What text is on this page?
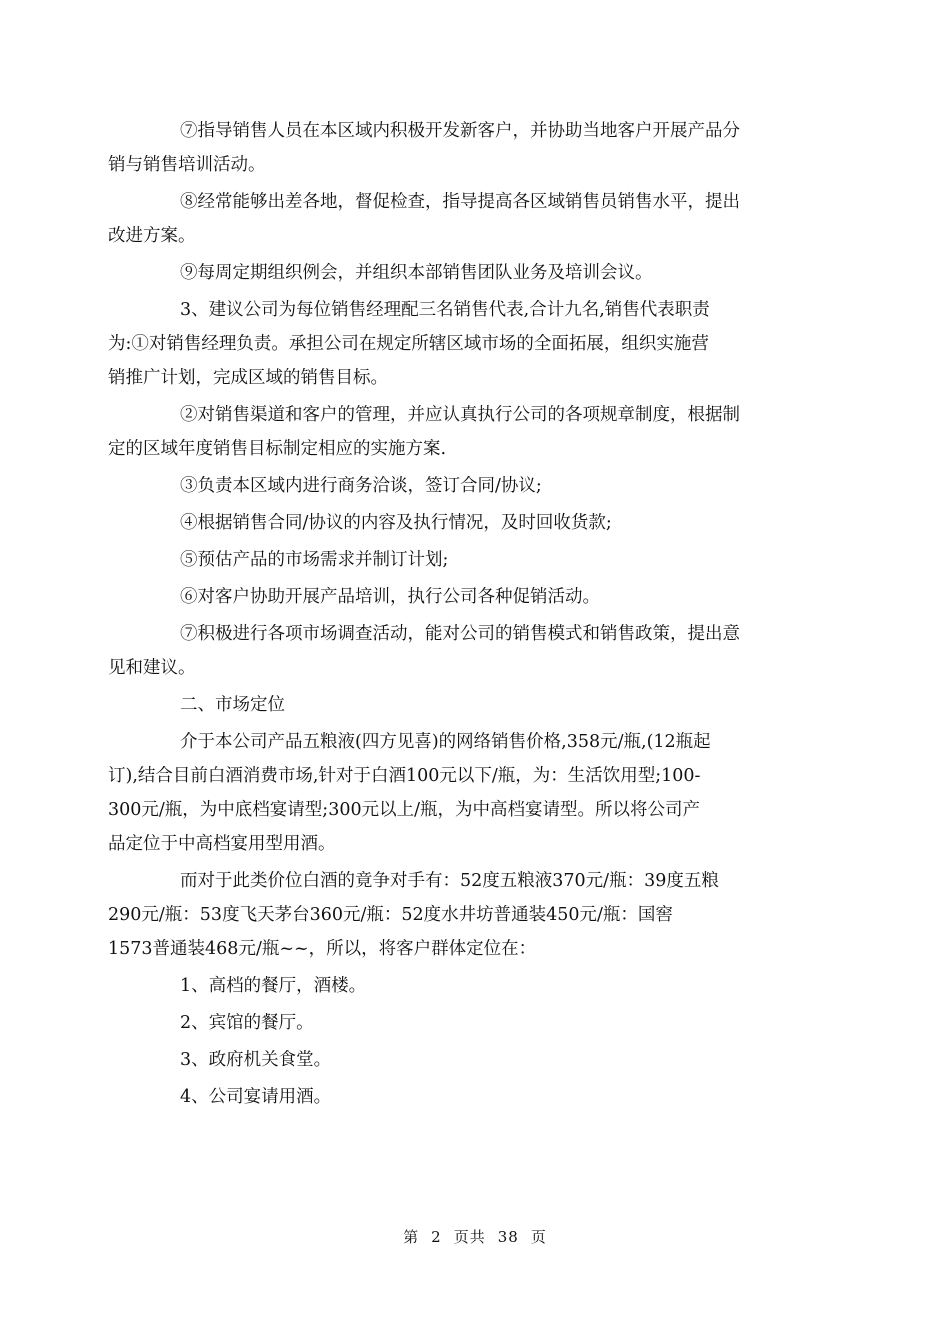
⑦指导销售人员在本区域内积极开发新客户，并协助当地客户开展产品分
销与销售培训活动。

⑧经常能够出差各地，督促检查，指导提高各区域销售员销售水平，提出
改进方案。

⑨每周定期组织例会，并组织本部销售团队业务及培训会议。

3、建议公司为每位销售经理配三名销售代表,合计九名,销售代表职责
为:①对销售经理负责。承担公司在规定所辖区域市场的全面拓展，组织实施营
销推广计划，完成区域的销售目标。

②对销售渠道和客户的管理，并应认真执行公司的各项规章制度，根据制
定的区域年度销售目标制定相应的实施方案.

③负责本区域内进行商务洽谈，签订合同/协议;

④根据销售合同/协议的内容及执行情况，及时回收货款;

⑤预估产品的市场需求并制订计划;

⑥对客户协助开展产品培训，执行公司各种促销活动。

⑦积极进行各项市场调查活动，能对公司的销售模式和销售政策，提出意
见和建议。

二、市场定位

介于本公司产品五粮液(四方见喜)的网络销售价格,358元/瓶,(12瓶起
订),结合目前白酒消费市场,针对于白酒100元以下/瓶，为：生活饮用型;100-
300元/瓶，为中底档宴请型;300元以上/瓶，为中高档宴请型。所以将公司产
品定位于中高档宴用型用酒。

而对于此类价位白酒的竟争对手有：52度五粮液370元/瓶：39度五粮
290元/瓶：53度飞天茅台360元/瓶：52度水井坊普通装450元/瓶：国窖
1573普通装468元/瓶~~，所以，将客户群体定位在：

1、高档的餐厅，酒楼。

2、宾馆的餐厅。

3、政府机关食堂。

4、公司宴请用酒。

第 2 页共 38 页
